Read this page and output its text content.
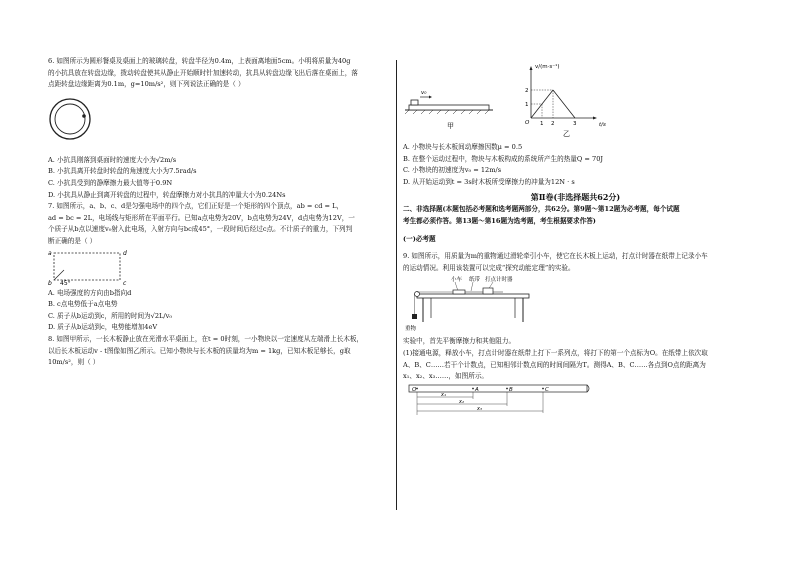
6. 如图所示为圆形餐桌及桌面上的玻璃转盘，转盘半径为0.4m，上表面离地面5cm。小明将质量为40g
的小抗具放在转盘边缘，拨动转盘使其从静止开始顺时针加速转动，抗具从转盘边缘飞出后落在桌面上，落
点距转盘边缘距离为0.1m，g=10m/s²，则下列说法正确的是（ ）
A. 小抗具刚落到桌面时的速度大小为√2m/s
B. 小抗具离开转盘时转盘的角速度大小为7.5rad/s
C. 小抗具受到的静摩擦力最大值等于0.9N
D. 小抗具从静止到离开转盘的过程中，转盘摩擦力对小抗具的冲量大小为0.24Ns
7. 如图所示，a、b、c、d是匀强电场中的四个点，它们正好是一个矩形的四个顶点，ab = cd = L，
ad = bc = 2L，电场线与矩形所在平面平行。已知a点电势为20V，b点电势为24V，d点电势为12V，一
个质子从b点以速度v₀射入此电场，入射方向与bc成45°，一段时间后经过c点。不计质子的重力，下列判
断正确的是（ ）
a	d
b	c
45°
A. 电场强度的方向由b指向d
B. c点电势低于a点电势
C. 质子从b运动到c，所用的时间为√2L/v₀
D. 质子从b运动到c，电势能增加4eV
8. 如图甲所示，一长木板静止放在光滑水平桌面上，在t = 0时刻，一小物块以一定速度从左端滑上长木板，
以后长木板运动v - t图像如图乙所示。已知小物块与长木板的质量均为m = 1kg，已知木板足够长，g取
10m/s²，则（ ）
v₀
甲
v/(m·s⁻¹)
t/s
O 1 2	3
1
2
乙
A. 小物块与长木板间动摩擦因数μ = 0.5
B. 在整个运动过程中，物块与木板构成的系统所产生的热量Q = 70J
C. 小物块的初速度为v₀ = 12m/s
D. 从开始运动到t = 3s时木板所受摩擦力的冲量为12N · s
第Ⅱ卷(非选择题共62分)
二、非选择题(本题包括必考题和选考题两部分，共62分。第9题～第12题为必考题，每个试题
考生都必须作答。第13题～第16题为选考题，考生根据要求作答)
(一)必考题
9. 如图所示，用质量为m的重物通过滑轮牵引小车，使它在长木板上运动，打点计时器在纸带上记录小车
的运动情况。利用该装置可以完成“探究动能定理”的实验。
小车 纸带 打点计时器
重物
实验中，首先平衡摩擦力和其他阻力。
(1)接通电源，释放小车，打点计时器在纸带上打下一系列点，将打下的第一个点标为O。在纸带上依次取
A、B、C……若干个计数点，已知相邻计数点间的时间间隔为T。测得A、B、C……各点到O点的距离为
x₁、x₂、x₃……，如图所示。
O	A	B	C
x₁
x₂
x₃
